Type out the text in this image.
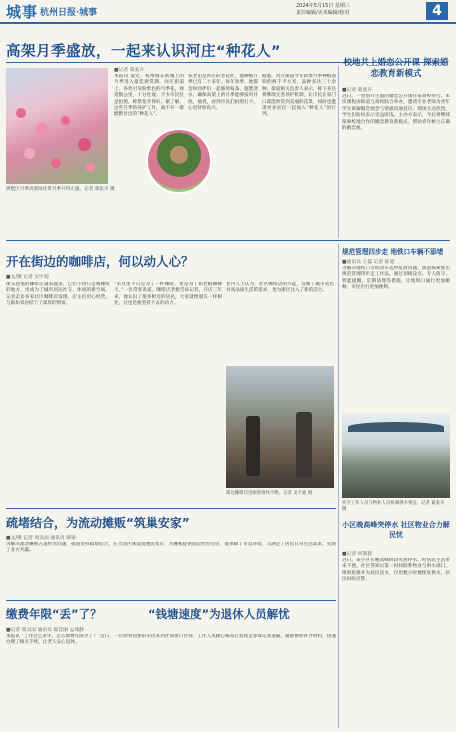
城事 杭州日报·城事
2024年5月15日 星期三
责任编辑/美术编辑/校对	4
高架月季盛放，一起来认识河庄“种花人”
■记者 葛张卉
拱墅区月季高架绿化带月季开得正盛。记者 葛张卉 摄
本报讯 最近，杭州城东新城上的月季进入最佳观赏期。河庄街道上，各处可见粉紫色的月季花，绵延数公里，十分壮观。不少市民驻足拍照，称赞花开得好。据了解，这些月季的养护工作，离不开一群默默付出的“种花人”。
张老伯是河庄的老花匠，他种植月季已有二十多年。每年春季，他都会和同伴们一起修剪枝条、施肥浇水，确保高架上的月季能够按时开放。他说，看到市民们拍照打卡，心里特别高兴。
据悉，河庄街道今年新增月季种植面积约两千平方米，品种多达三十余种。街道相关负责人表示，接下来还将继续完善养护机制，让市民在家门口就能欣赏到美丽的花景，同时也邀请更多居民一起加入“种花人”的行列。
校地共上婚恋公开课 探索婚恋教育新模式
■记者 葛张卉
近日，一堂别开生面的婚恋公开课在某高校举行。本次课程由街道与高校联合举办，邀请专业老师为青年学生讲解婚恋观念与情感沟通技巧，现场互动热烈，学生们纷纷表示受益匪浅。主办方表示，今后将继续探索校地合作的婚恋教育新模式，帮助青年树立正确的婚恋观。
开在街边的咖啡店，何以动人心？
■文/摄 记者 吴宇迪
街头巷尾的咖啡店越来越多，它们不再只是喝咖啡的地方，更成为了城市居民社交、休闲的新空间。记者走访多家社区咖啡店发现，店主们用心经营，与街坊邻居结下了深厚的情谊。
“来这里不只是为了一杯咖啡，更是为了和老板聊聊天。”一位常客说道。咖啡店老板告诉记者，开店三年来，他认识了很多附近的居民，大家就像朋友一样相处，这也是他坚持下去的动力。
业内人士认为，社区咖啡店的兴起，反映了城市居民对高品质生活的追求，也为街区注入了新的活力。
街边咖啡店里顾客络绎不绝。记者 吴宇迪 摄
规范管理四步走 地铁口车辆不添堵
■通讯员 王磊 记者 陈旭
为解决地铁口非机动车乱停乱放问题，街道探索推出规范管理四步走工作法，通过划线设点、专人值守、智能提醒、定期清理等措施，让地铁口通行更加顺畅，市民出行更加便利。
社区工作人员与物业人员协调供水事宜。记者 葛张卉 摄
疏堵结合，为流动摊贩“筑巢安家”
■文/摄 记者 周吴雨 通讯员 韩梁
为解决流动摊贩占道经营问题，街道坚持疏堵结合，在合适区域设置便民集市，为摊贩提供固定经营点位，既保障了市容环境，又满足了居民日常生活需求，实现了多方共赢。
小区晚高峰突停水 社区物业合力解民忧
■记者 何斯晨
近日，某小区在晚高峰时段突然停水，给居民生活带来不便。社区得知后第一时间联系物业与供水部门，组织抢修并为居民送水，仅用数小时便恢复供水，居民纷纷点赞。
缴费年限“丢”了？	“钱塘速度”为退休人员解忧
■记者 周吴雨 通讯员 陈佳丽 孟琦静
本报讯 “工作这么多年，怎么缴费年限少了？”近日，一位即将退休的市民来到社保窗口咨询。工作人员耐心核查后发现是参保记录遗漏，随即协助补齐材料，快速办理了相关手续，让老人安心退休。
